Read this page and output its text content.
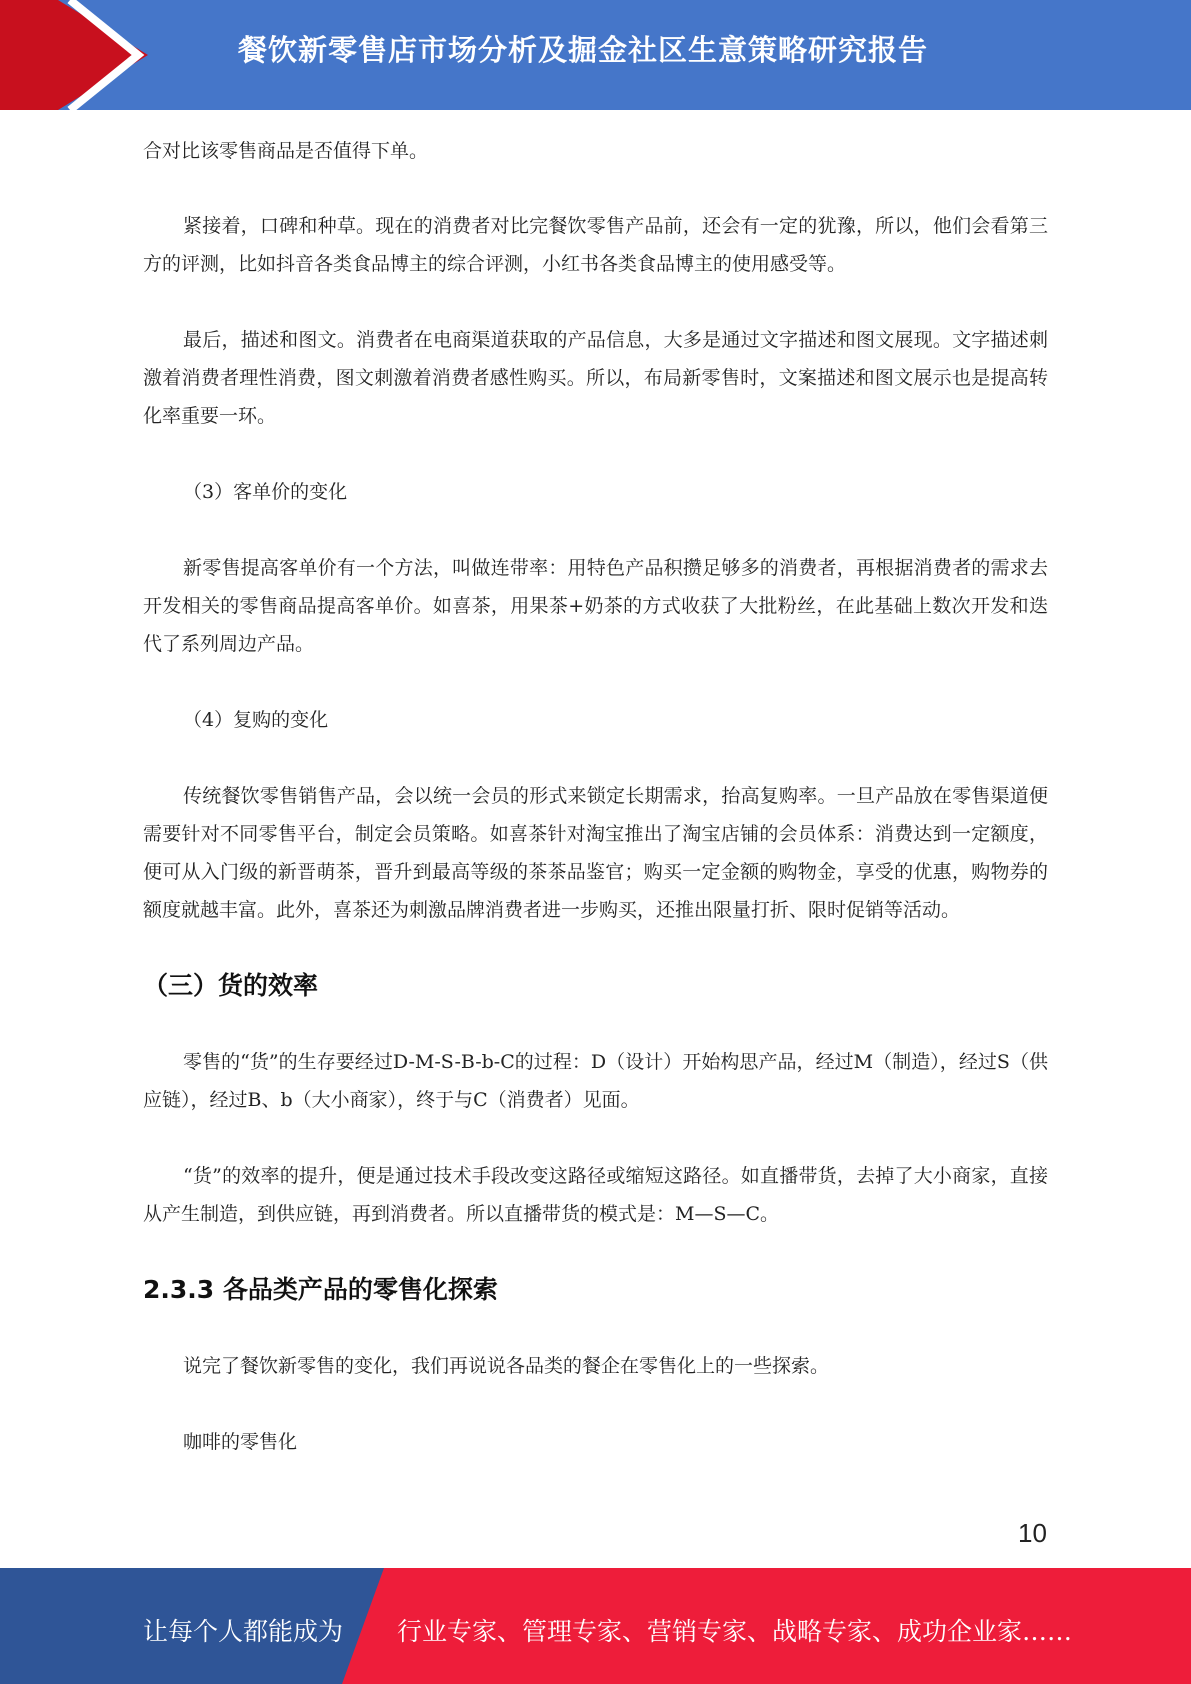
餐饮新零售店市场分析及掘金社区生意策略研究报告

合对比该零售商品是否值得下单。

紧接着，口碑和种草。现在的消费者对比完餐饮零售产品前，还会有一定的犹豫，所以，他们会看第三方的评测，比如抖音各类食品博主的综合评测，小红书各类食品博主的使用感受等。

最后，描述和图文。消费者在电商渠道获取的产品信息，大多是通过文字描述和图文展现。文字描述刺激着消费者理性消费，图文刺激着消费者感性购买。所以，布局新零售时，文案描述和图文展示也是提高转化率重要一环。

（3）客单价的变化

新零售提高客单价有一个方法，叫做连带率：用特色产品积攒足够多的消费者，再根据消费者的需求去开发相关的零售商品提高客单价。如喜茶，用果茶+奶茶的方式收获了大批粉丝，在此基础上数次开发和迭代了系列周边产品。

（4）复购的变化

传统餐饮零售销售产品，会以统一会员的形式来锁定长期需求，抬高复购率。一旦产品放在零售渠道便需要针对不同零售平台，制定会员策略。如喜茶针对淘宝推出了淘宝店铺的会员体系：消费达到一定额度，便可从入门级的新晋萌茶，晋升到最高等级的茶茶品鉴官；购买一定金额的购物金，享受的优惠，购物券的额度就越丰富。此外，喜茶还为刺激品牌消费者进一步购买，还推出限量打折、限时促销等活动。

（三）货的效率

零售的“货”的生存要经过D-M-S-B-b-C的过程：D（设计）开始构思产品，经过M（制造），经过S（供应链），经过B、b（大小商家），终于与C（消费者）见面。

“货”的效率的提升，便是通过技术手段改变这路径或缩短这路径。如直播带货，去掉了大小商家，直接从产生制造，到供应链，再到消费者。所以直播带货的模式是：M—S—C。

2.3.3 各品类产品的零售化探索

说完了餐饮新零售的变化，我们再说说各品类的餐企在零售化上的一些探索。

咖啡的零售化

10
让每个人都能成为 行业专家、管理专家、营销专家、战略专家、成功企业家……
